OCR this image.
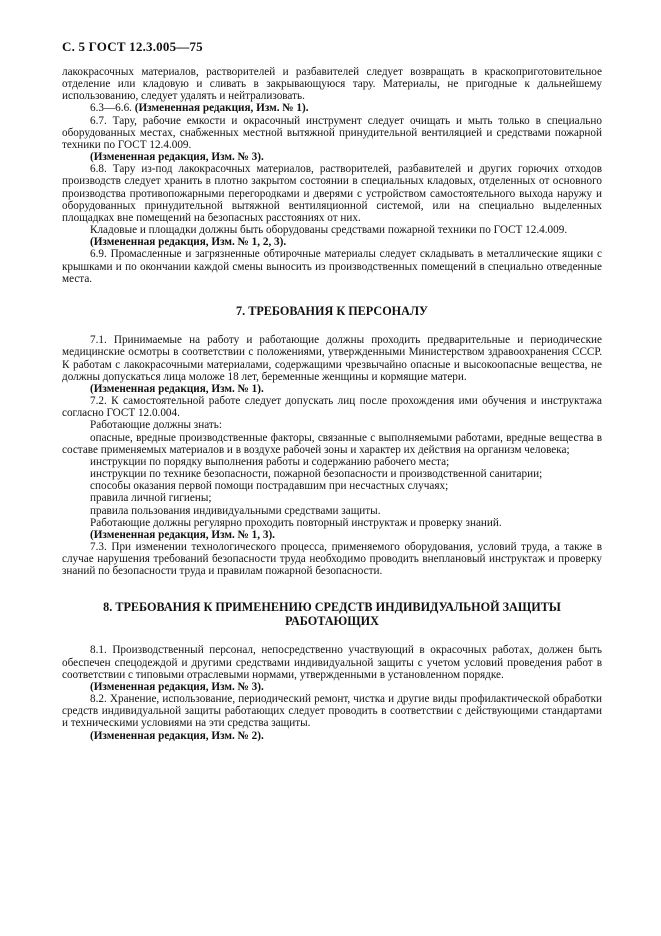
С. 5 ГОСТ 12.3.005—75

лакокрасочных материалов, растворителей и разбавителей следует возвращать в краскоприготовительное отделение или кладовую и сливать в закрывающуюся тару. Материалы, не пригодные к дальнейшему использованию, следует удалять и нейтрализовать.

6.3—6.6. (Измененная редакция, Изм. № 1).

6.7. Тару, рабочие емкости и окрасочный инструмент следует очищать и мыть только в специально оборудованных местах, снабженных местной вытяжной принудительной вентиляцией и средствами пожарной техники по ГОСТ 12.4.009.

(Измененная редакция, Изм. № 3).

6.8. Тару из-под лакокрасочных материалов, растворителей, разбавителей и других горючих отходов производств следует хранить в плотно закрытом состоянии в специальных кладовых, отделенных от основного производства противопожарными перегородками и дверями с устройством самостоятельного выхода наружу и оборудованных принудительной вытяжной вентиляционной системой, или на специально выделенных площадках вне помещений на безопасных расстояниях от них.

Кладовые и площадки должны быть оборудованы средствами пожарной техники по ГОСТ 12.4.009.

(Измененная редакция, Изм. № 1, 2, 3).

6.9. Промасленные и загрязненные обтирочные материалы следует складывать в металлические ящики с крышками и по окончании каждой смены выносить из производственных помещений в специально отведенные места.

7. ТРЕБОВАНИЯ К ПЕРСОНАЛУ

7.1. Принимаемые на работу и работающие должны проходить предварительные и периодические медицинские осмотры в соответствии с положениями, утвержденными Министерством здравоохранения СССР. К работам с лакокрасочными материалами, содержащими чрезвычайно опасные и высокоопасные вещества, не должны допускаться лица моложе 18 лет, беременные женщины и кормящие матери.

(Измененная редакция, Изм. № 1).

7.2. К самостоятельной работе следует допускать лиц после прохождения ими обучения и инструктажа согласно ГОСТ 12.0.004.

Работающие должны знать:

опасные, вредные производственные факторы, связанные с выполняемыми работами, вредные вещества в составе применяемых материалов и в воздухе рабочей зоны и характер их действия на организм человека;

инструкции по порядку выполнения работы и содержанию рабочего места;

инструкции по технике безопасности, пожарной безопасности и производственной санитарии;

способы оказания первой помощи пострадавшим при несчастных случаях;

правила личной гигиены;

правила пользования индивидуальными средствами защиты.

Работающие должны регулярно проходить повторный инструктаж и проверку знаний.

(Измененная редакция, Изм. № 1, 3).

7.3. При изменении технологического процесса, применяемого оборудования, условий труда, а также в случае нарушения требований безопасности труда необходимо проводить внеплановый инструктаж и проверку знаний по безопасности труда и правилам пожарной безопасности.

8. ТРЕБОВАНИЯ К ПРИМЕНЕНИЮ СРЕДСТВ ИНДИВИДУАЛЬНОЙ ЗАЩИТЫ
РАБОТАЮЩИХ

8.1. Производственный персонал, непосредственно участвующий в окрасочных работах, должен быть обеспечен спецодеждой и другими средствами индивидуальной защиты с учетом условий проведения работ в соответствии с типовыми отраслевыми нормами, утвержденными в установленном порядке.

(Измененная редакция, Изм. № 3).

8.2. Хранение, использование, периодический ремонт, чистка и другие виды профилактической обработки средств индивидуальной защиты работающих следует проводить в соответствии с действующими стандартами и техническими условиями на эти средства защиты.

(Измененная редакция, Изм. № 2).
